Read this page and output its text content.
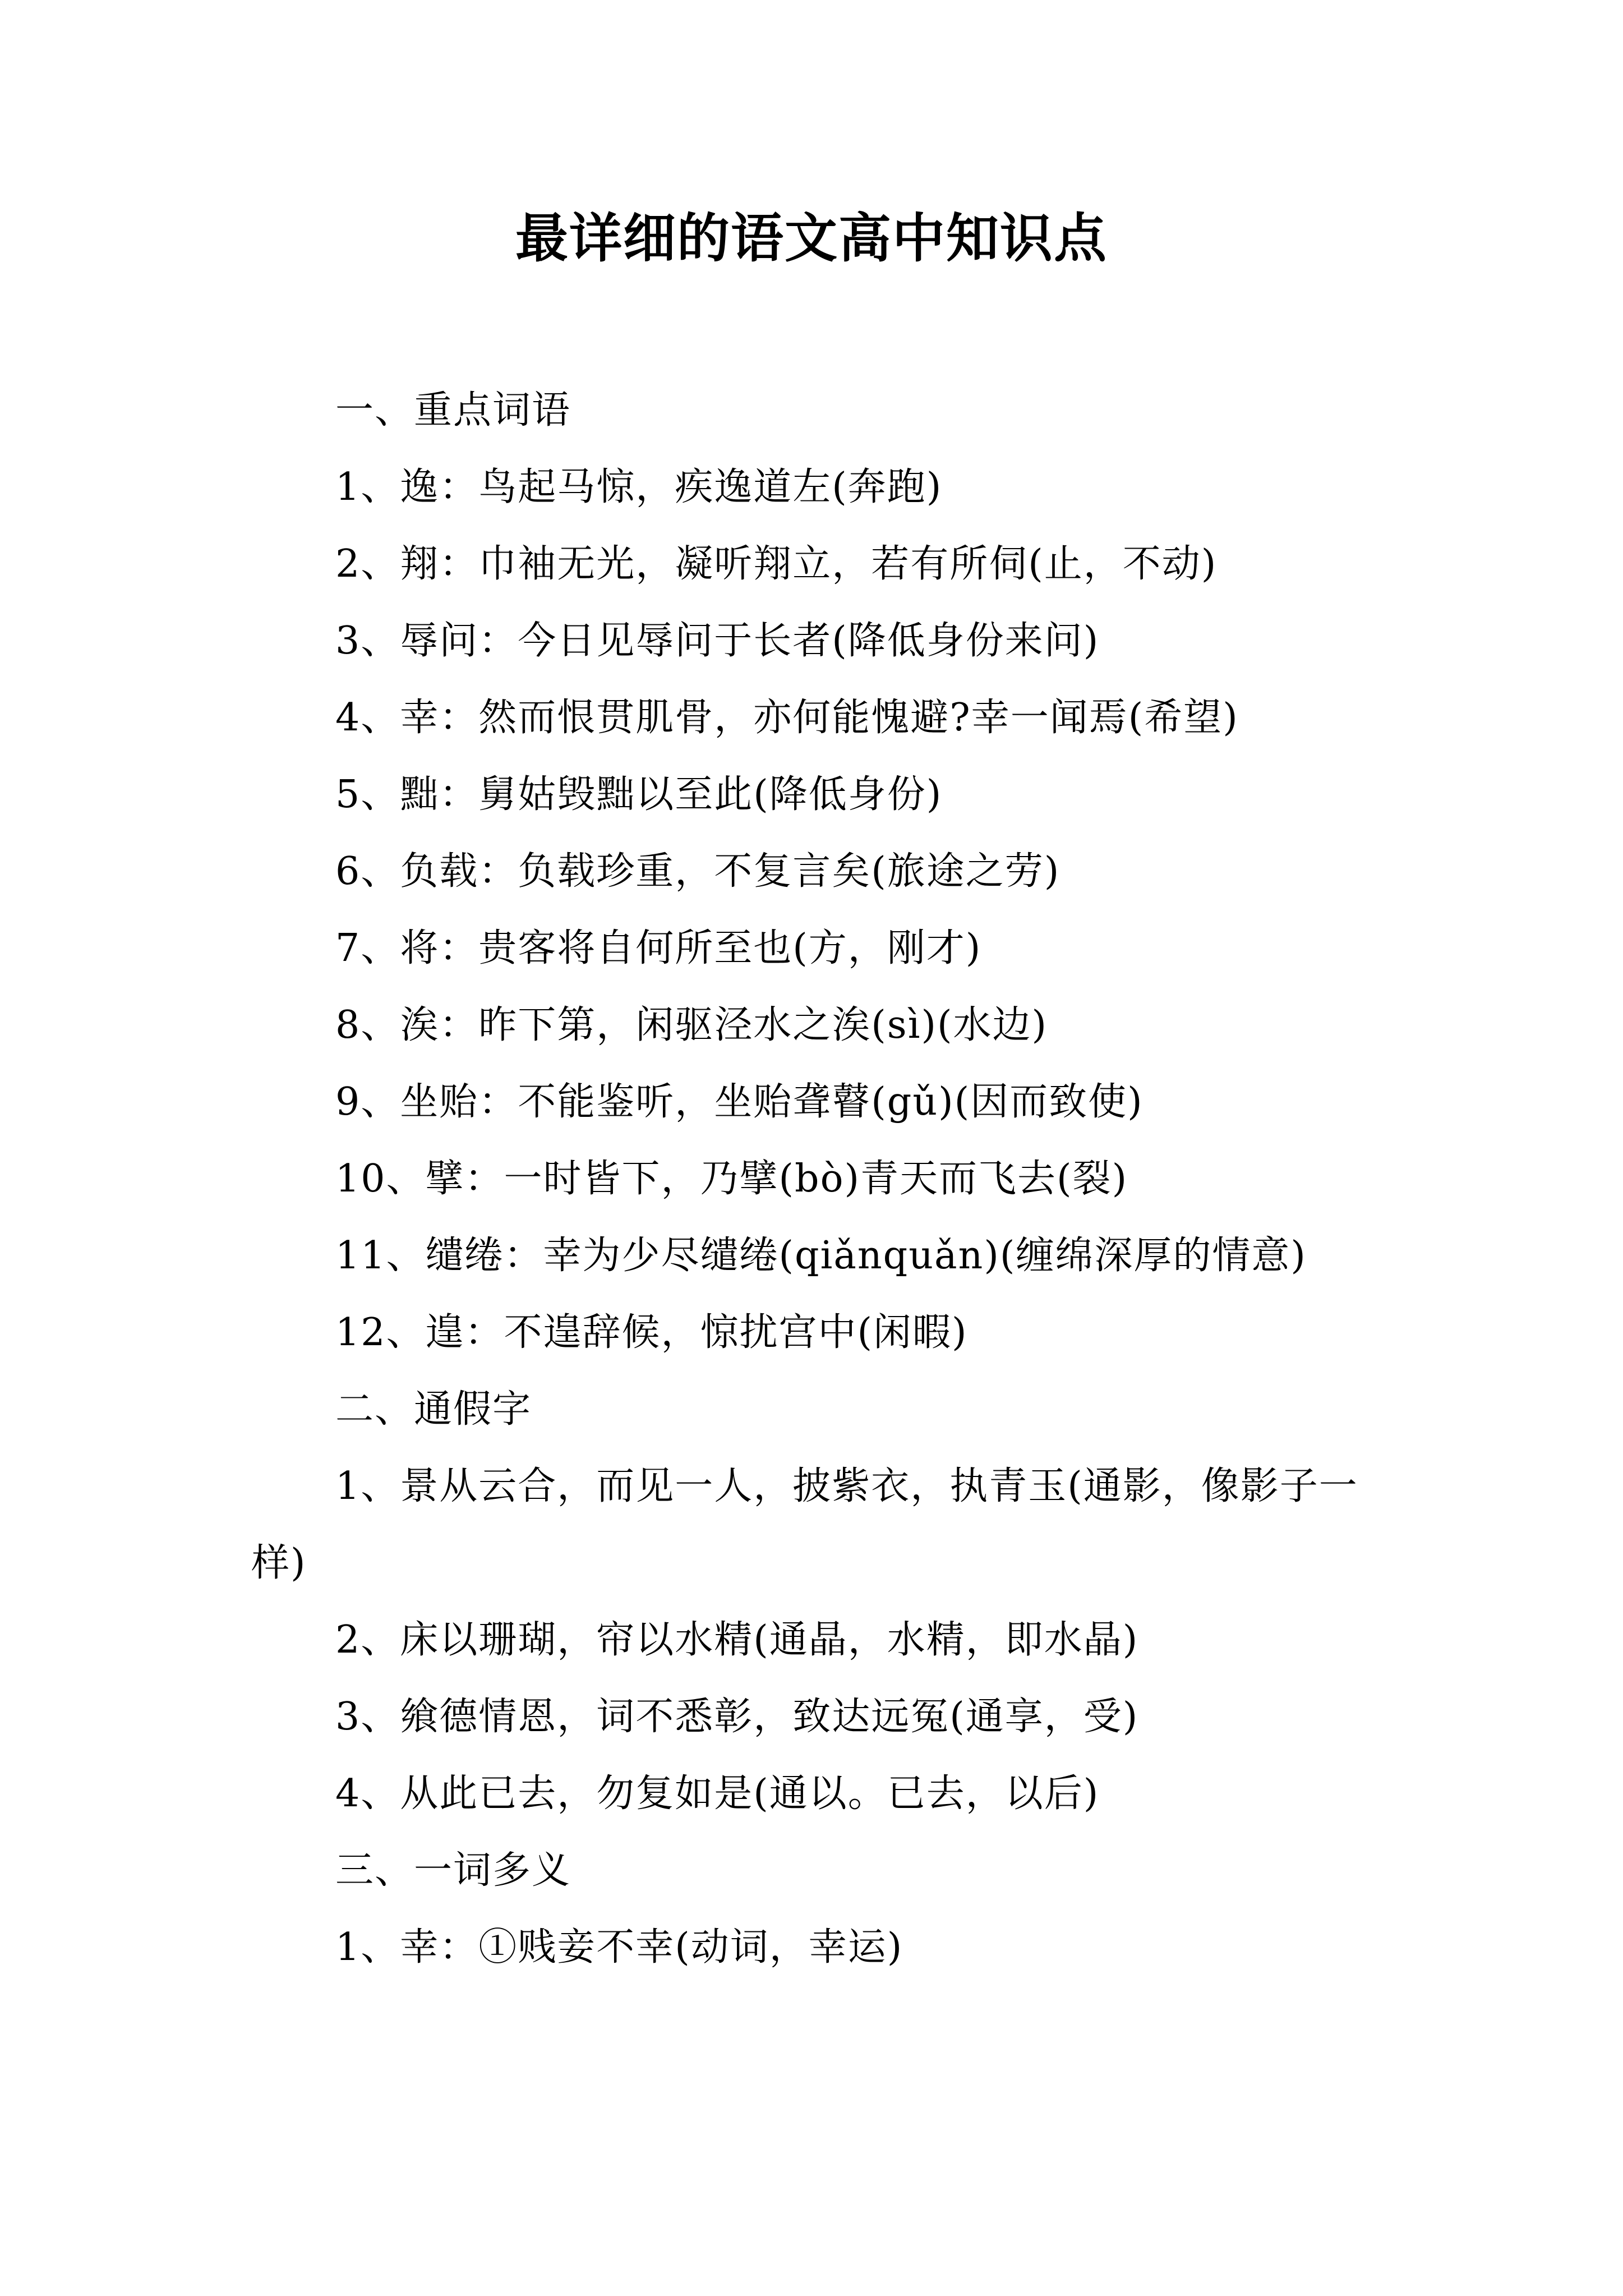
最详细的语文高中知识点

一、重点词语

1、逸：鸟起马惊，疾逸道左(奔跑)

2、翔：巾袖无光，凝听翔立，若有所伺(止，不动)

3、辱问：今日见辱问于长者(降低身份来问)

4、幸：然而恨贯肌骨，亦何能愧避?幸一闻焉(希望)

5、黜：舅姑毁黜以至此(降低身份)

6、负载：负载珍重，不复言矣(旅途之劳)

7、将：贵客将自何所至也(方，刚才)

8、涘：昨下第，闲驱泾水之涘(sì)(水边)

9、坐贻：不能鉴听，坐贻聋瞽(gǔ)(因而致使)

10、擘：一时皆下，乃擘(bò)青天而飞去(裂)

11、缱绻：幸为少尽缱绻(qiǎnquǎn)(缠绵深厚的情意)

12、遑：不遑辞候，惊扰宫中(闲暇)

二、通假字

1、景从云合，而见一人，披紫衣，执青玉(通影，像影子一样)

2、床以珊瑚，帘以水精(通晶，水精，即水晶)

3、飨德情恩，词不悉彰，致达远冤(通享，受)

4、从此已去，勿复如是(通以。已去，以后)

三、一词多义

1、幸：①贱妾不幸(动词，幸运)
